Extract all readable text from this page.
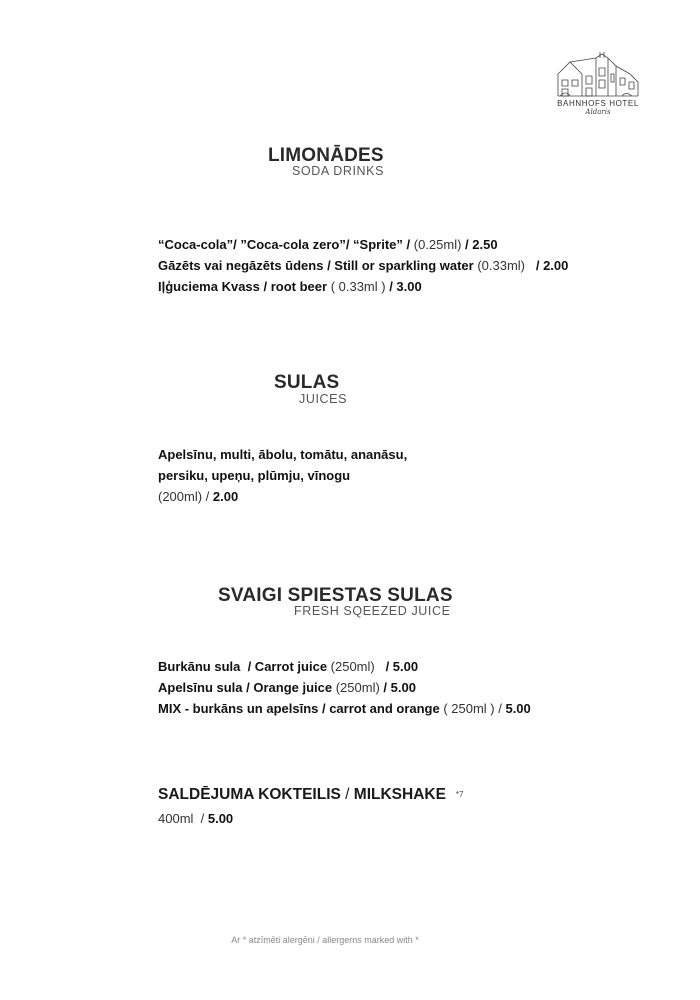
BAHNHOFS HOTEL
Aldaris
LIMONĀDES
SODA DRINKS
“Coca-cola”/ ”Coca-cola zero”/ “Sprite” / (0.25ml) / 2.50
Gāzēts vai negāzēts ūdens / Still or sparkling water (0.33ml)   / 2.00
Iļģuciema Kvass / root beer ( 0.33ml ) / 3.00
SULAS
JUICES
Apelsīnu, multi, ābolu, tomātu, ananāsu,
persiku, upeņu, plūmju, vīnogu
(200ml) / 2.00
SVAIGI SPIESTAS SULAS
FRESH SQEEZED JUICE
Burkānu sula  / Carrot juice (250ml)   / 5.00
Apelsīnu sula / Orange juice (250ml) / 5.00
MIX - burkāns un apelsīns / carrot and orange ( 250ml ) / 5.00
SALDĒJUMA KOKTEILIS / MILKSHAKE *7
400ml  / 5.00
Ar * atzīmēti alergēni / allergerns marked with *
